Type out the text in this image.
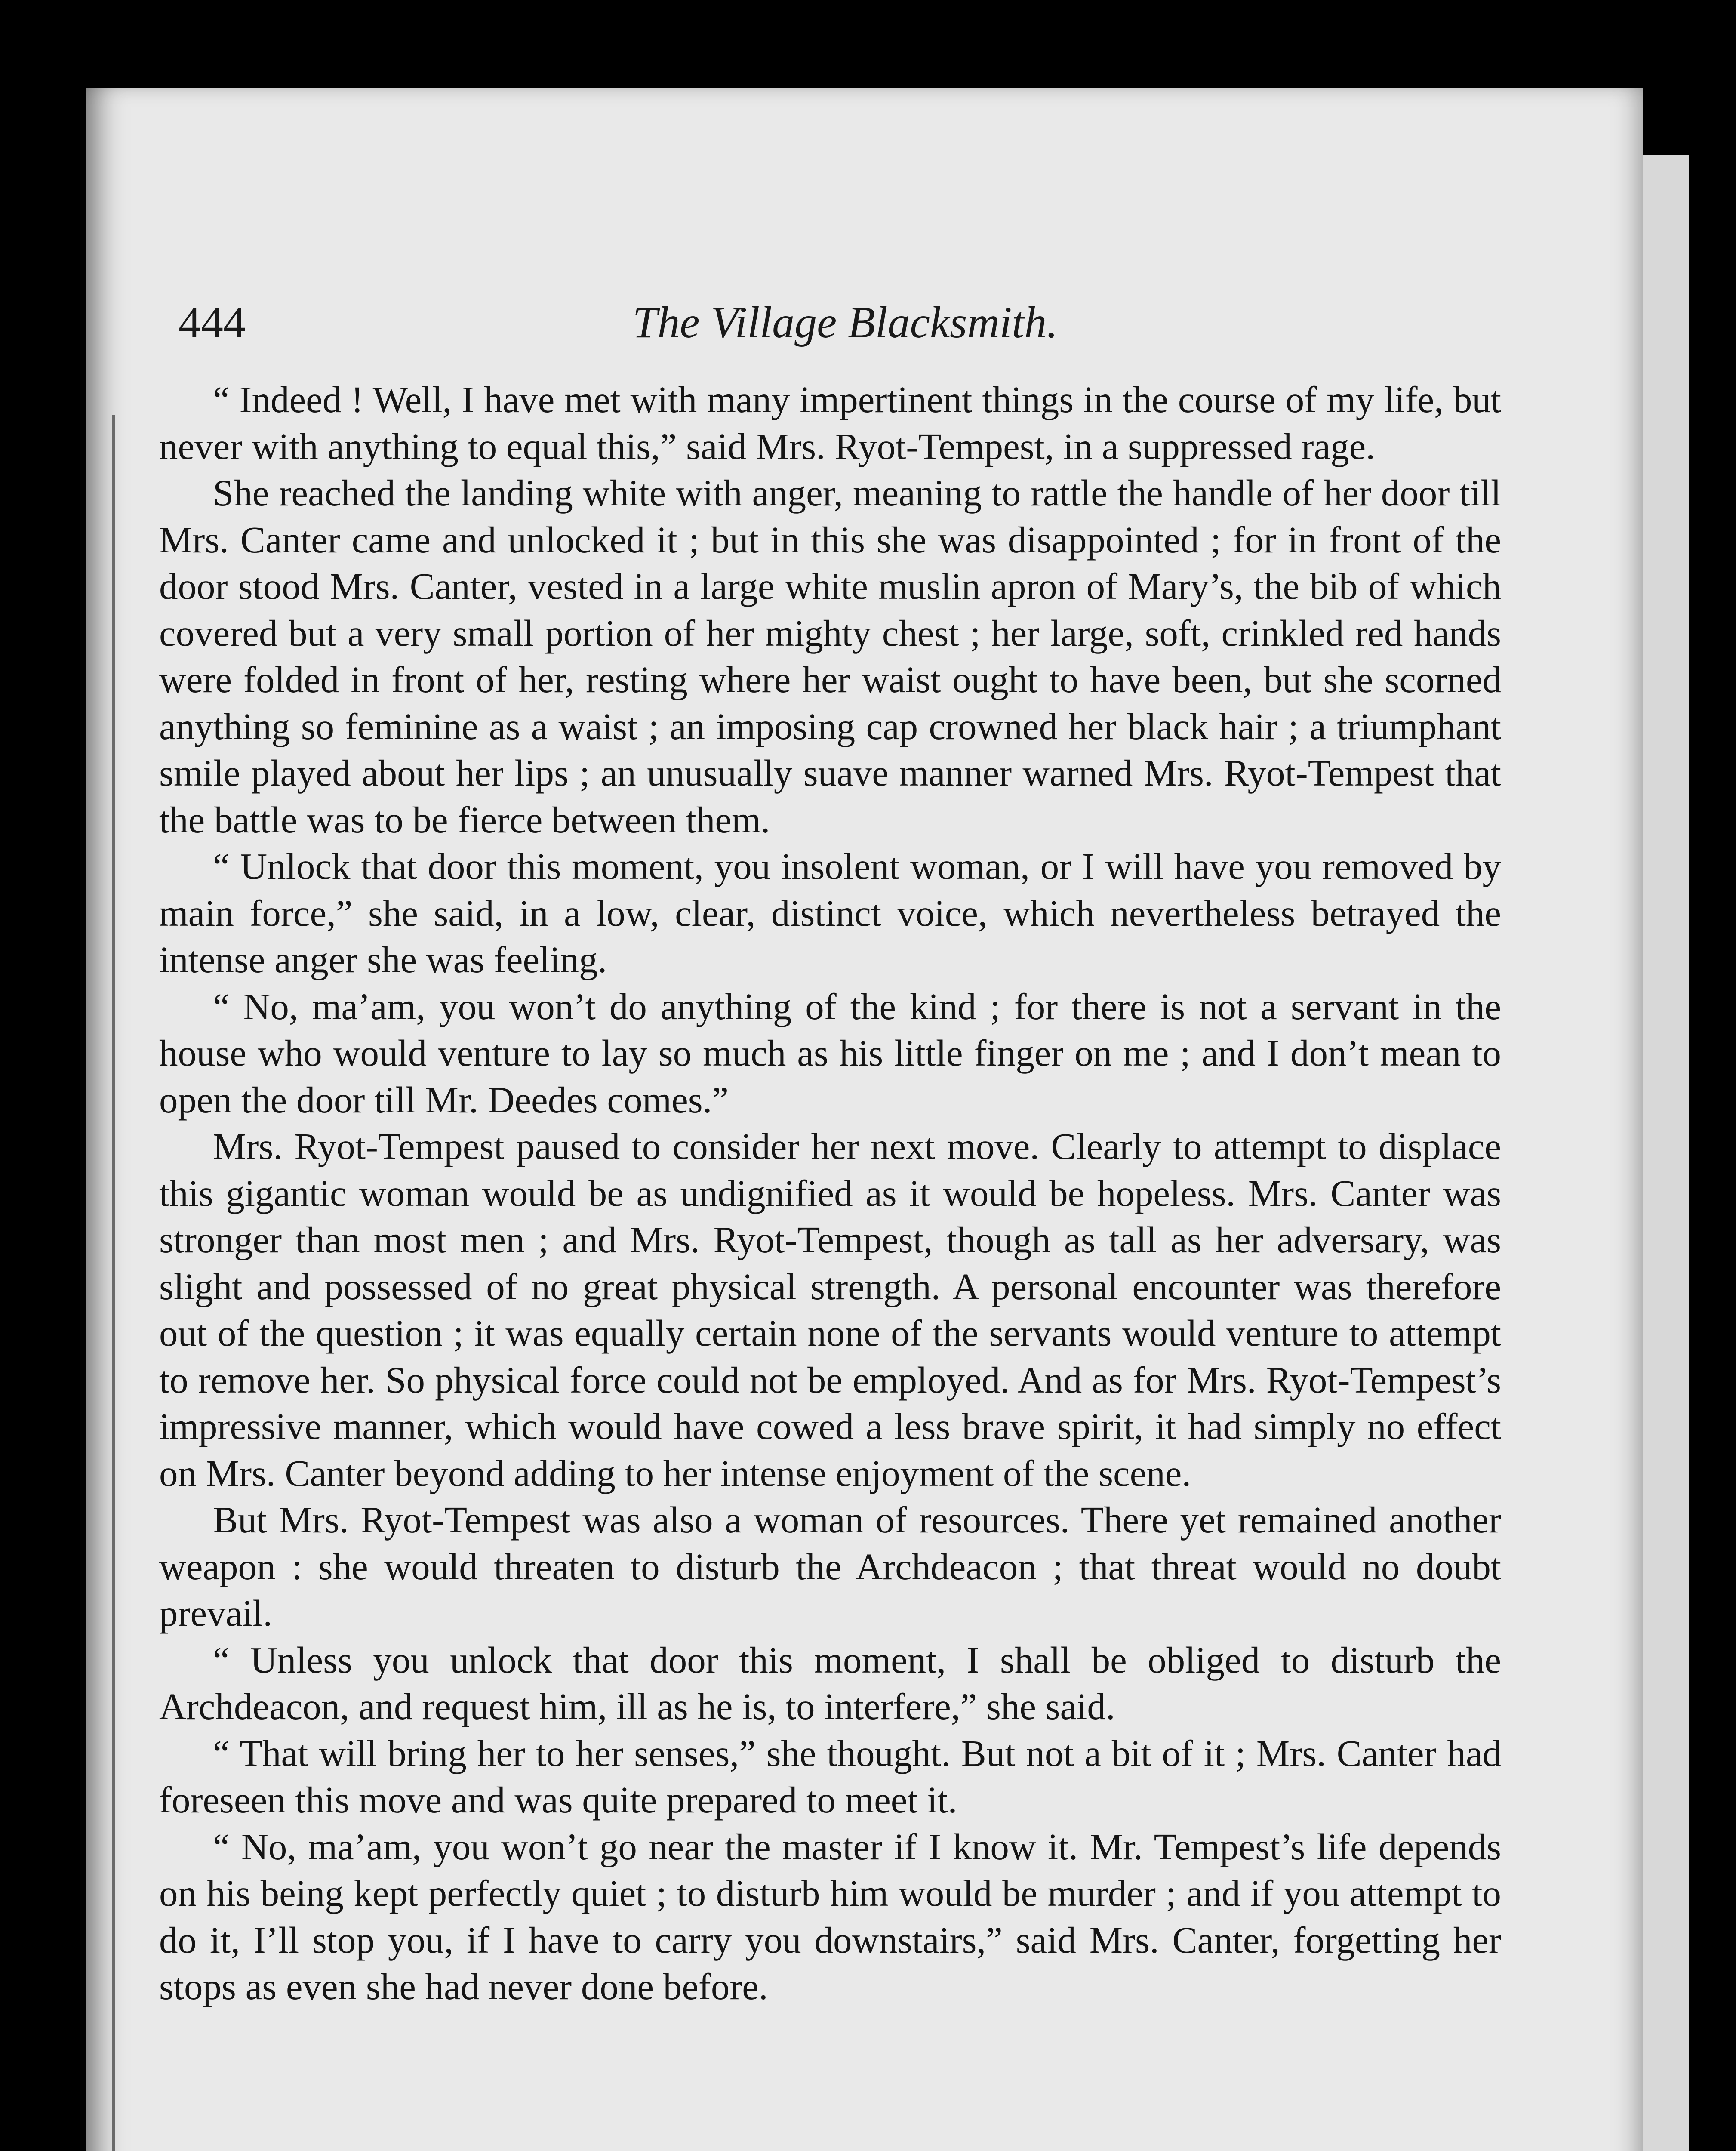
444	The Village Blacksmith.

“ Indeed ! Well, I have met with many impertinent things in the course of my life, but never with anything to equal this,” said Mrs. Ryot-Tempest, in a suppressed rage.

She reached the landing white with anger, meaning to rattle the handle of her door till Mrs. Canter came and unlocked it ; but in this she was disappointed ; for in front of the door stood Mrs. Canter, vested in a large white muslin apron of Mary’s, the bib of which covered but a very small portion of her mighty chest ; her large, soft, crinkled red hands were folded in front of her, resting where her waist ought to have been, but she scorned anything so feminine as a waist ; an imposing cap crowned her black hair ; a triumphant smile played about her lips ; an unusually suave manner warned Mrs. Ryot-Tempest that the battle was to be fierce between them.

“ Unlock that door this moment, you insolent woman, or I will have you removed by main force,” she said, in a low, clear, distinct voice, which nevertheless betrayed the intense anger she was feeling.

“ No, ma’am, you won’t do anything of the kind ; for there is not a servant in the house who would venture to lay so much as his little finger on me ; and I don’t mean to open the door till Mr. Deedes comes.”

Mrs. Ryot-Tempest paused to consider her next move. Clearly to attempt to displace this gigantic woman would be as undignified as it would be hopeless. Mrs. Canter was stronger than most men ; and Mrs. Ryot-Tempest, though as tall as her adversary, was slight and possessed of no great physical strength. A personal encounter was therefore out of the question ; it was equally certain none of the servants would venture to attempt to remove her. So physical force could not be employed. And as for Mrs. Ryot-Tempest’s impressive manner, which would have cowed a less brave spirit, it had simply no effect on Mrs. Canter beyond adding to her intense enjoyment of the scene.

But Mrs. Ryot-Tempest was also a woman of resources. There yet remained another weapon : she would threaten to disturb the Archdeacon ; that threat would no doubt prevail.

“ Unless you unlock that door this moment, I shall be obliged to disturb the Archdeacon, and request him, ill as he is, to interfere,” she said.

“ That will bring her to her senses,” she thought. But not a bit of it ; Mrs. Canter had foreseen this move and was quite prepared to meet it.

“ No, ma’am, you won’t go near the master if I know it. Mr. Tempest’s life depends on his being kept perfectly quiet ; to disturb him would be murder ; and if you attempt to do it, I’ll stop you, if I have to carry you downstairs,” said Mrs. Canter, forgetting her stops as even she had never done before.
